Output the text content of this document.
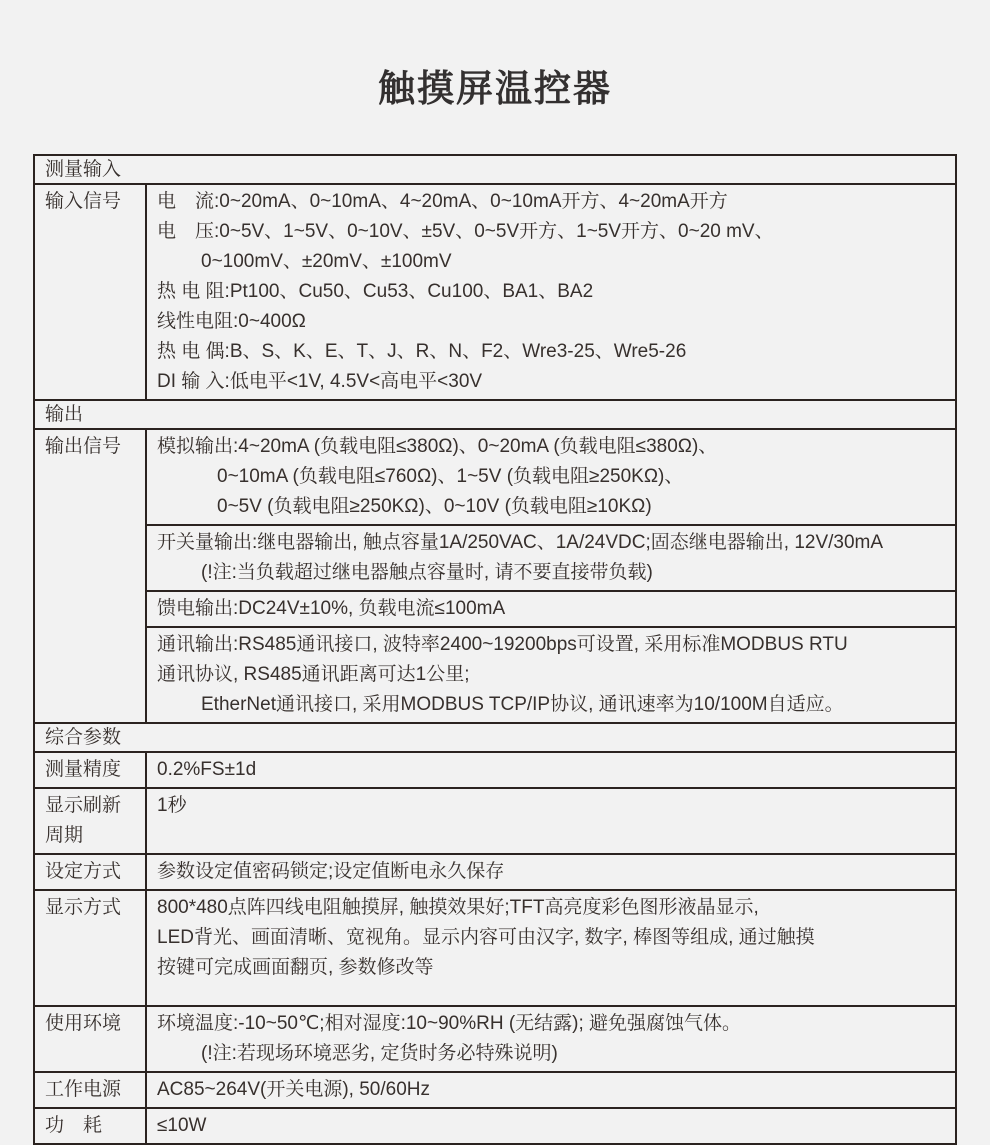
触摸屏温控器
测量输入	
输入信号	电　流:0~20mA、0~10mA、4~20mA、0~10mA开方、4~20mA开方
电　压:0~5V、1~5V、0~10V、±5V、0~5V开方、1~5V开方、0~20 mV、
0~100mV、±20mV、±100mV
热 电 阻:Pt100、Cu50、Cu53、Cu100、BA1、BA2
线性电阻:0~400Ω
热 电 偶:B、S、K、E、T、J、R、N、F2、Wre3-25、Wre5-26
DI 输 入:低电平<1V, 4.5V<高电平<30V

输出	
输出信号	模拟输出:4~20mA (负载电阻≤380Ω)、0~20mA (负载电阻≤380Ω)、
0~10mA (负载电阻≤760Ω)、1~5V (负载电阻≥250KΩ)、
0~5V (负载电阻≥250KΩ)、0~10V (负载电阻≥10KΩ)

	开关量输出:继电器输出, 触点容量1A/250VAC、1A/24VDC;固态继电器输出, 12V/30mA
(!注:当负载超过继电器触点容量时, 请不要直接带负载)

	馈电输出:DC24V±10%, 负载电流≤100mA

	通讯输出:RS485通讯接口, 波特率2400~19200bps可设置, 采用标准MODBUS RTU
通讯协议, RS485通讯距离可达1公里;
EtherNet通讯接口, 采用MODBUS TCP/IP协议, 通讯速率为10/100M自适应。

综合参数	
测量精度	0.2%FS±1d

显示刷新
周期	1秒
设定方式	参数设定值密码锁定;设定值断电永久保存
显示方式	800*480点阵四线电阻触摸屏, 触摸效果好;TFT高亮度彩色图形液晶显示,
LED背光、画面清晰、宽视角。显示内容可由汉字, 数字, 棒图等组成, 通过触摸
按键可完成画面翻页, 参数修改等

使用环境	环境温度:-10~50℃;相对湿度:10~90%RH (无结露); 避免强腐蚀气体。
(!注:若现场环境恶劣, 定货时务必特殊说明)

工作电源	AC85~264V(开关电源), 50/60Hz
功　耗	≤10W
